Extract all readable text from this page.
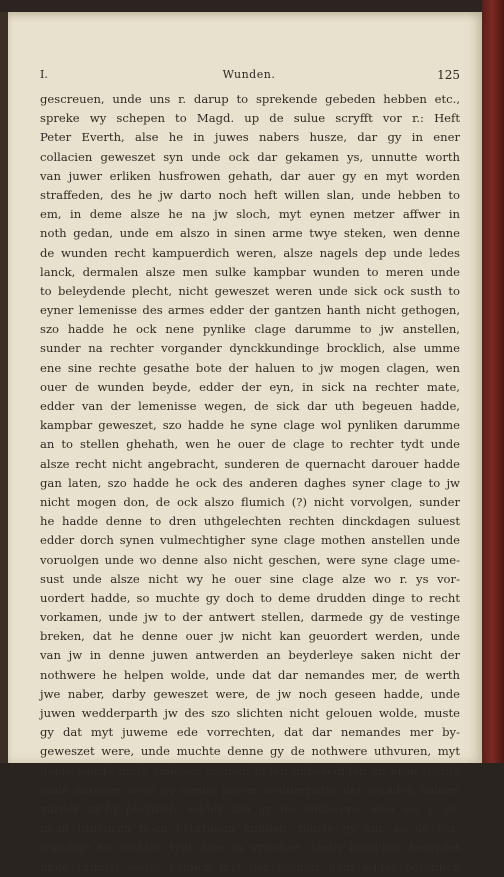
I.	Wunden.	125
gescreuen, unde uns r. darup to sprekende gebeden hebben etc.,
spreke wy schepen to Magd. up de sulue scryfft vor r.: Heft
Peter Everth, alse he in juwes nabers husze, dar gy in ener
collacien geweszet syn unde ock dar gekamen ys, unnutte worth
van juwer erliken husfrowen gehath, dar auer gy en myt worden
straffeden, des he jw darto noch heft willen slan, unde hebben to
em, in deme alsze he na jw sloch, myt eynen metzer affwer in
noth gedan, unde em alszo in sinen arme twye steken, wen denne
de wunden recht kampuerdich weren, alsze nagels dep unde ledes
lanck, dermalen alsze men sulke kampbar wunden to meren unde
to beleydende plecht, nicht geweszet weren unde sick ock susth to
eyner lemenisse des armes edder der gantzen hanth nicht gethogen,
szo hadde he ock nene pynlike clage darumme to jw anstellen,
sunder na rechter vorgander dynckkundinge brocklich, alse umme
ene sine rechte gesathe bote der haluen to jw mogen clagen, wen
ouer de wunden beyde, edder der eyn, in sick na rechter mate,
edder van der lemenisse wegen, de sick dar uth begeuen hadde,
kampbar geweszet, szo hadde he syne clage wol pynliken darumme
an to stellen ghehath, wen he ouer de clage to rechter tydt unde
alsze recht nicht angebracht, sunderen de quernacht darouer hadde
gan laten, szo hadde he ock des anderen daghes syner clage to jw
nicht mogen don, de ock alszo flumich (?) nicht vorvolgen, sunder
he hadde denne to dren uthgelechten rechten dinckdagen suluest
edder dorch synen vulmechtigher syne clage mothen anstellen unde
voruolgen unde wo denne also nicht geschen, were syne clage ume-
sust unde alsze nicht wy he ouer sine clage alze wo r. ys vor-
uordert hadde, so muchte gy doch to deme drudden dinge to recht
vorkamen, unde jw to der antwert stellen, darmede gy de vestinge
breken, dat he denne ouer jw nicht kan geuordert werden, unde
van jw in denne juwen antwerden an beyderleye saken nicht der
nothwere he helpen wolde, unde dat dar nemandes mer, de werth
jwe naber, darby geweszet were, de jw noch geseen hadde, unde
juwen wedderparth jw des szo slichten nicht gelouen wolde, muste
gy dat myt juweme ede vorrechten, dat dar nemandes mer by-
geweszet were, unde muchte denne gy de nothwere uthvuren, myt
deme werde unde anderen vramen luden unbesculden an eren rechte
unde darouer were gy denne juwen wedderparte der wunden haluen
vurder nicht plichtich, edder szo gy de nothwere, alse wo r. ys,
nicht uthvuren noch bybringen kunden, muste gy em, so de vor-
wundige to rechter tydt alse in vrischer daeth kampbar beleydet
unde bringet were, pynlich myt der rechter hant edder borchlich
